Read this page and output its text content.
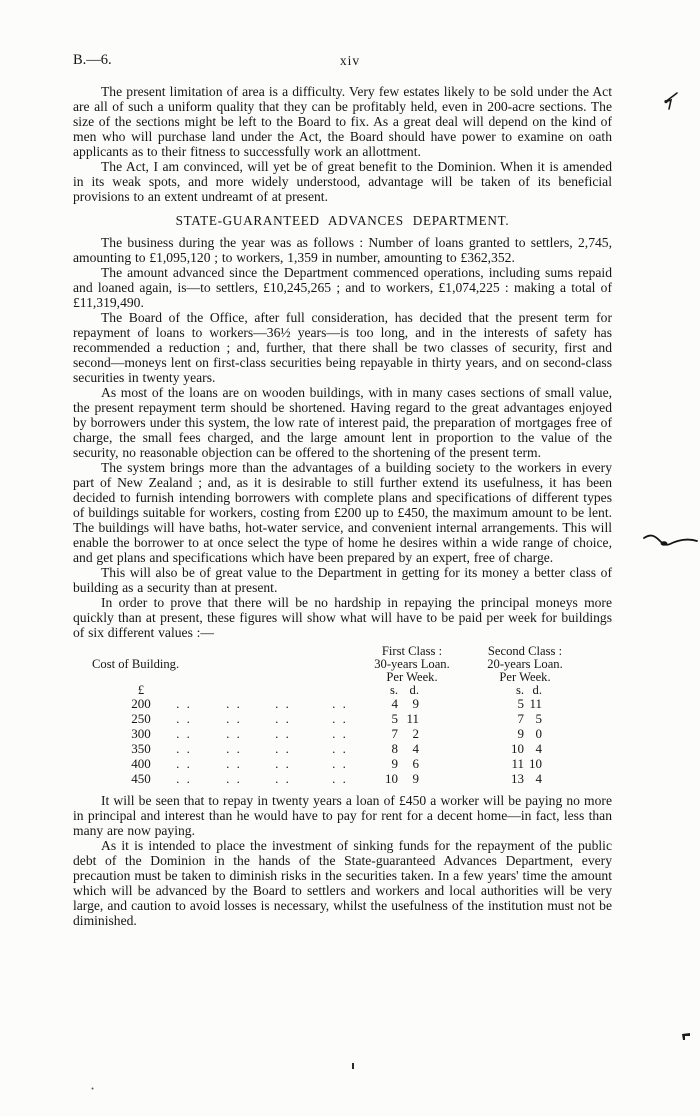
B.—6.	xiv

The present limitation of area is a difficulty. Very few estates likely to be sold under the Act are all of such a uniform quality that they can be profitably held, even in 200-acre sections. The size of the sections might be left to the Board to fix. As a great deal will depend on the kind of men who will purchase land under the Act, the Board should have power to examine on oath applicants as to their fitness to successfully work an allottment.

The Act, I am convinced, will yet be of great benefit to the Dominion. When it is amended in its weak spots, and more widely understood, advantage will be taken of its beneficial provisions to an extent undreamt of at present.

STATE-GUARANTEED ADVANCES DEPARTMENT.

The business during the year was as follows : Number of loans granted to settlers, 2,745, amounting to £1,095,120 ; to workers, 1,359 in number, amounting to £362,352.

The amount advanced since the Department commenced operations, including sums repaid and loaned again, is—to settlers, £10,245,265 ; and to workers, £1,074,225 : making a total of £11,319,490.

The Board of the Office, after full consideration, has decided that the present term for repayment of loans to workers—36½ years—is too long, and in the interests of safety has recommended a reduction ; and, further, that there shall be two classes of security, first and second—moneys lent on first-class securities being repayable in thirty years, and on second-class securities in twenty years.

As most of the loans are on wooden buildings, with in many cases sections of small value, the present repayment term should be shortened. Having regard to the great advantages enjoyed by borrowers under this system, the low rate of interest paid, the preparation of mortgages free of charge, the small fees charged, and the large amount lent in proportion to the value of the security, no reasonable objection can be offered to the shortening of the present term.

The system brings more than the advantages of a building society to the workers in every part of New Zealand ; and, as it is desirable to still further extend its usefulness, it has been decided to furnish intending borrowers with complete plans and specifications of different types of buildings suitable for workers, costing from £200 up to £450, the maximum amount to be lent. The buildings will have baths, hot-water service, and convenient internal arrangements. This will enable the borrower to at once select the type of home he desires within a wide range of choice, and get plans and specifications which have been prepared by an expert, free of charge.

This will also be of great value to the Department in getting for its money a better class of building as a security than at present.

In order to prove that there will be no hardship in repaying the principal moneys more quickly than at present, these figures will show what will have to be paid per week for buildings of six different values :—

First Class :	Second Class :
Cost of Building.	30-years Loan.	20-years Loan.
Per Week.	Per Week.
£	s. d.	s. d.
200	. .	. .	. .	. .	4	9	5 11
250	. .	. .	. .	. .	5 11	7 5
300	. .	. .	. .	. .	7	2	9 0
350	. .	. .	. .	. .	8	4	10 4
400	. .	. .	. .	. .	9	6	11 10
450	. .	. .	. .	. .	10	9	13 4

It will be seen that to repay in twenty years a loan of £450 a worker will be paying no more in principal and interest than he would have to pay for rent for a decent home—in fact, less than many are now paying.

As it is intended to place the investment of sinking funds for the repayment of the public debt of the Dominion in the hands of the State-guaranteed Advances Department, every precaution must be taken to diminish risks in the securities taken. In a few years' time the amount which will be advanced by the Board to settlers and workers and local authorities will be very large, and caution to avoid losses is necessary, whilst the usefulness of the institution must not be diminished.
